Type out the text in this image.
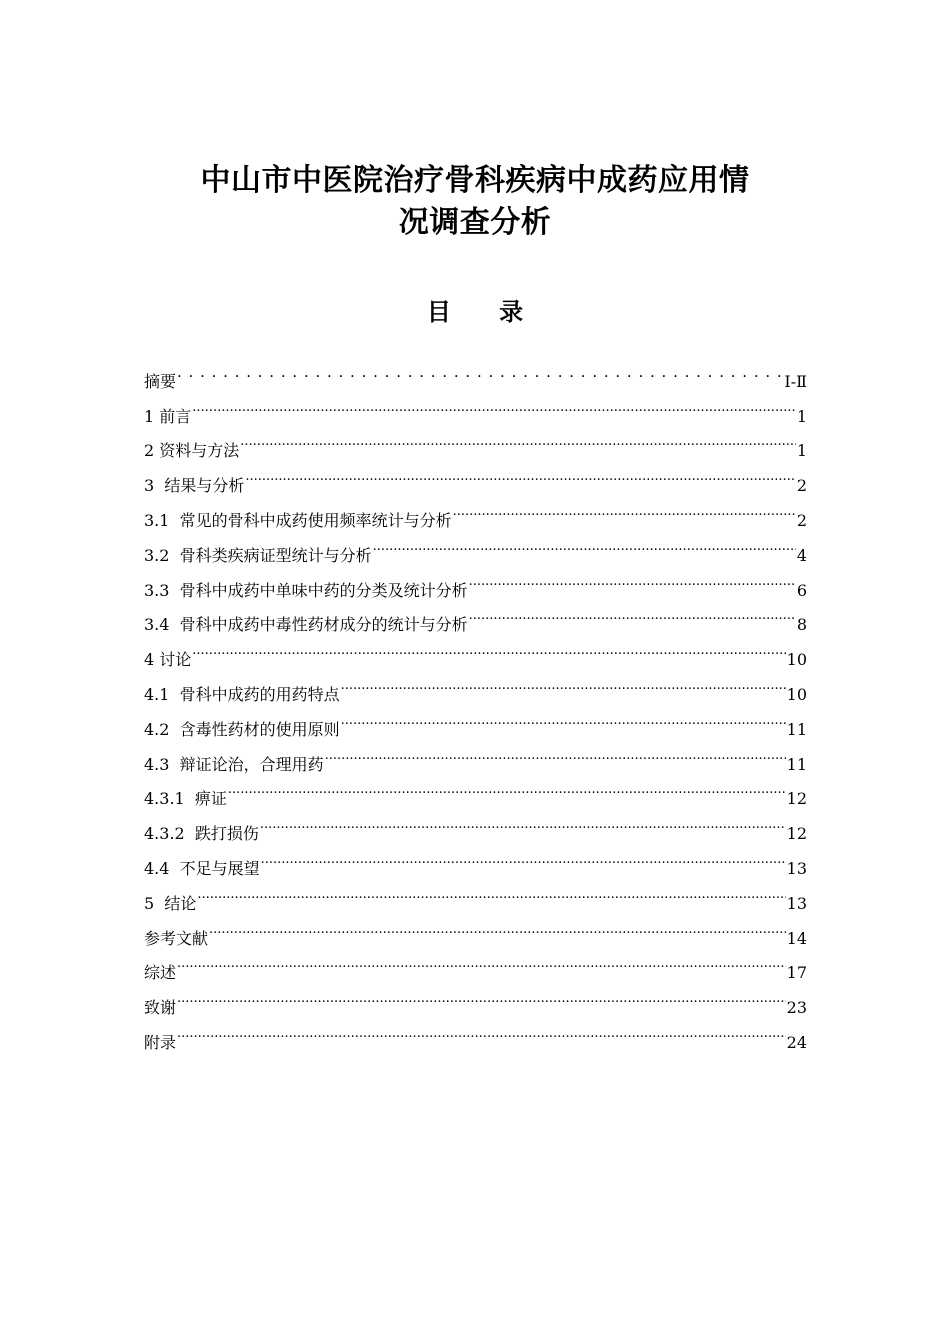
中山市中医院治疗骨科疾病中成药应用情
况调查分析
目 录
摘要 . . .	Ⅰ-Ⅱ
1 前言 .....	1
2 资料与方法 .....	1
3  结果与分析 .....	2
3.1  常见的骨科中成药使用频率统计与分析 .....	2
3.2  骨科类疾病证型统计与分析 .....	4
3.3  骨科中成药中单味中药的分类及统计分析 .....	6
3.4  骨科中成药中毒性药材成分的统计与分析 .....	8
4 讨论 .....	10
4.1  骨科中成药的用药特点 .....	10
4.2  含毒性药材的使用原则 .....	11
4.3  辩证论治，合理用药 .....	11
4.3.1  痹证 .....	12
4.3.2  跌打损伤 .....	12
4.4  不足与展望 .....	13
5  结论 .....	13
参考文献 .....	14
综述 .....	17
致谢 .....	23
附录 .....	24
